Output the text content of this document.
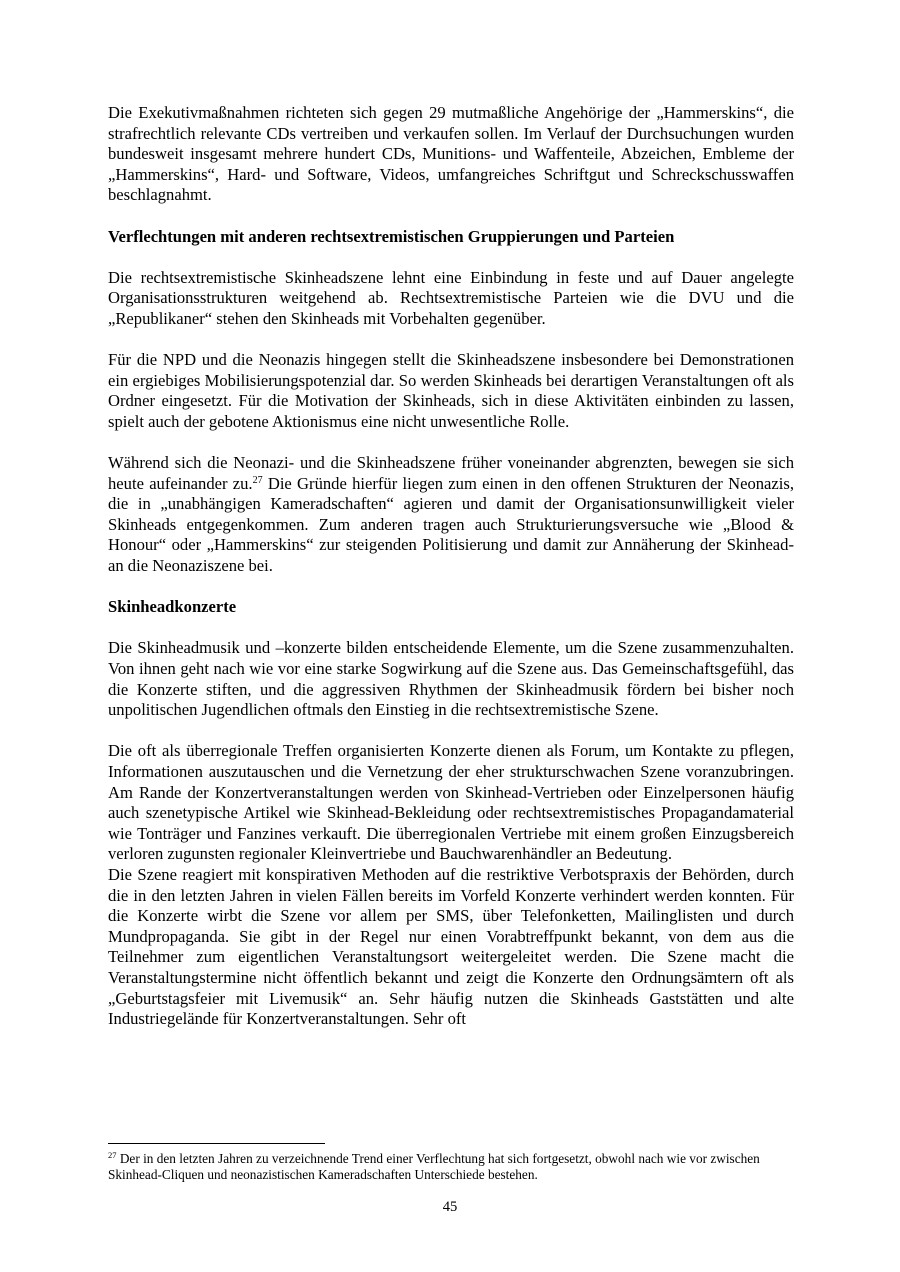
Die Exekutivmaßnahmen richteten sich gegen 29 mutmaßliche Angehörige der „Hammerskins“, die strafrechtlich relevante CDs vertreiben und verkaufen sollen. Im Verlauf der Durchsuchungen wurden bundesweit insgesamt mehrere hundert CDs, Munitions- und Waffenteile, Abzeichen, Embleme der „Hammerskins“, Hard- und Software, Videos, umfangreiches Schriftgut und Schreckschusswaffen beschlagnahmt.

Verflechtungen mit anderen rechtsextremistischen Gruppierungen und Parteien

Die rechtsextremistische Skinheadszene lehnt eine Einbindung in feste und auf Dauer angelegte Organisationsstrukturen weitgehend ab. Rechtsextremistische Parteien wie die DVU und die „Republikaner“ stehen den Skinheads mit Vorbehalten gegenüber.

Für die NPD und die Neonazis hingegen stellt die Skinheadszene insbesondere bei Demonstrationen ein ergiebiges Mobilisierungspotenzial dar. So werden Skinheads bei derartigen Veranstaltungen oft als Ordner eingesetzt. Für die Motivation der Skinheads, sich in diese Aktivitäten einbinden zu lassen, spielt auch der gebotene Aktionismus eine nicht unwesentliche Rolle.

Während sich die Neonazi- und die Skinheadszene früher voneinander abgrenzten, bewegen sie sich heute aufeinander zu.$^{27}$ Die Gründe hierfür liegen zum einen in den offenen Strukturen der Neonazis, die in „unabhängigen Kameradschaften“ agieren und damit der Organisationsunwilligkeit vieler Skinheads entgegenkommen. Zum anderen tragen auch Strukturierungsversuche wie „Blood & Honour“ oder „Hammerskins“ zur steigenden Politisierung und damit zur Annäherung der Skinhead- an die Neonaziszene bei.

Skinheadkonzerte

Die Skinheadmusik und –konzerte bilden entscheidende Elemente, um die Szene zusammenzuhalten. Von ihnen geht nach wie vor eine starke Sogwirkung auf die Szene aus. Das Gemeinschaftsgefühl, das die Konzerte stiften, und die aggressiven Rhythmen der Skinheadmusik fördern bei bisher noch unpolitischen Jugendlichen oftmals den Einstieg in die rechtsextremistische Szene.

Die oft als überregionale Treffen organisierten Konzerte dienen als Forum, um Kontakte zu pflegen, Informationen auszutauschen und die Vernetzung der eher strukturschwachen Szene voranzubringen. Am Rande der Konzertveranstaltungen werden von Skinhead-Vertrieben oder Einzelpersonen häufig auch szenetypische Artikel wie Skinhead-Bekleidung oder rechtsextremistisches Propagandamaterial wie Tonträger und Fanzines verkauft. Die überregionalen Vertriebe mit einem großen Einzugsbereich verloren zugunsten regionaler Kleinvertriebe und Bauchwarenhändler an Bedeutung.

Die Szene reagiert mit konspirativen Methoden auf die restriktive Verbotspraxis der Behörden, durch die in den letzten Jahren in vielen Fällen bereits im Vorfeld Konzerte verhindert werden konnten. Für die Konzerte wirbt die Szene vor allem per SMS, über Telefonketten, Mailinglisten und durch Mundpropaganda. Sie gibt in der Regel nur einen Vorabtreffpunkt bekannt, von dem aus die Teilnehmer zum eigentlichen Veranstaltungsort weitergeleitet werden. Die Szene macht die Veranstaltungstermine nicht öffentlich bekannt und zeigt die Konzerte den Ordnungsämtern oft als „Geburtstagsfeier mit Livemusik“ an. Sehr häufig nutzen die Skinheads Gaststätten und alte Industriegelände für Konzertveranstaltungen. Sehr oft

$^{27}$ Der in den letzten Jahren zu verzeichnende Trend einer Verflechtung hat sich fortgesetzt, obwohl nach wie vor zwischen Skinhead-Cliquen und neonazistischen Kameradschaften Unterschiede bestehen.

45
